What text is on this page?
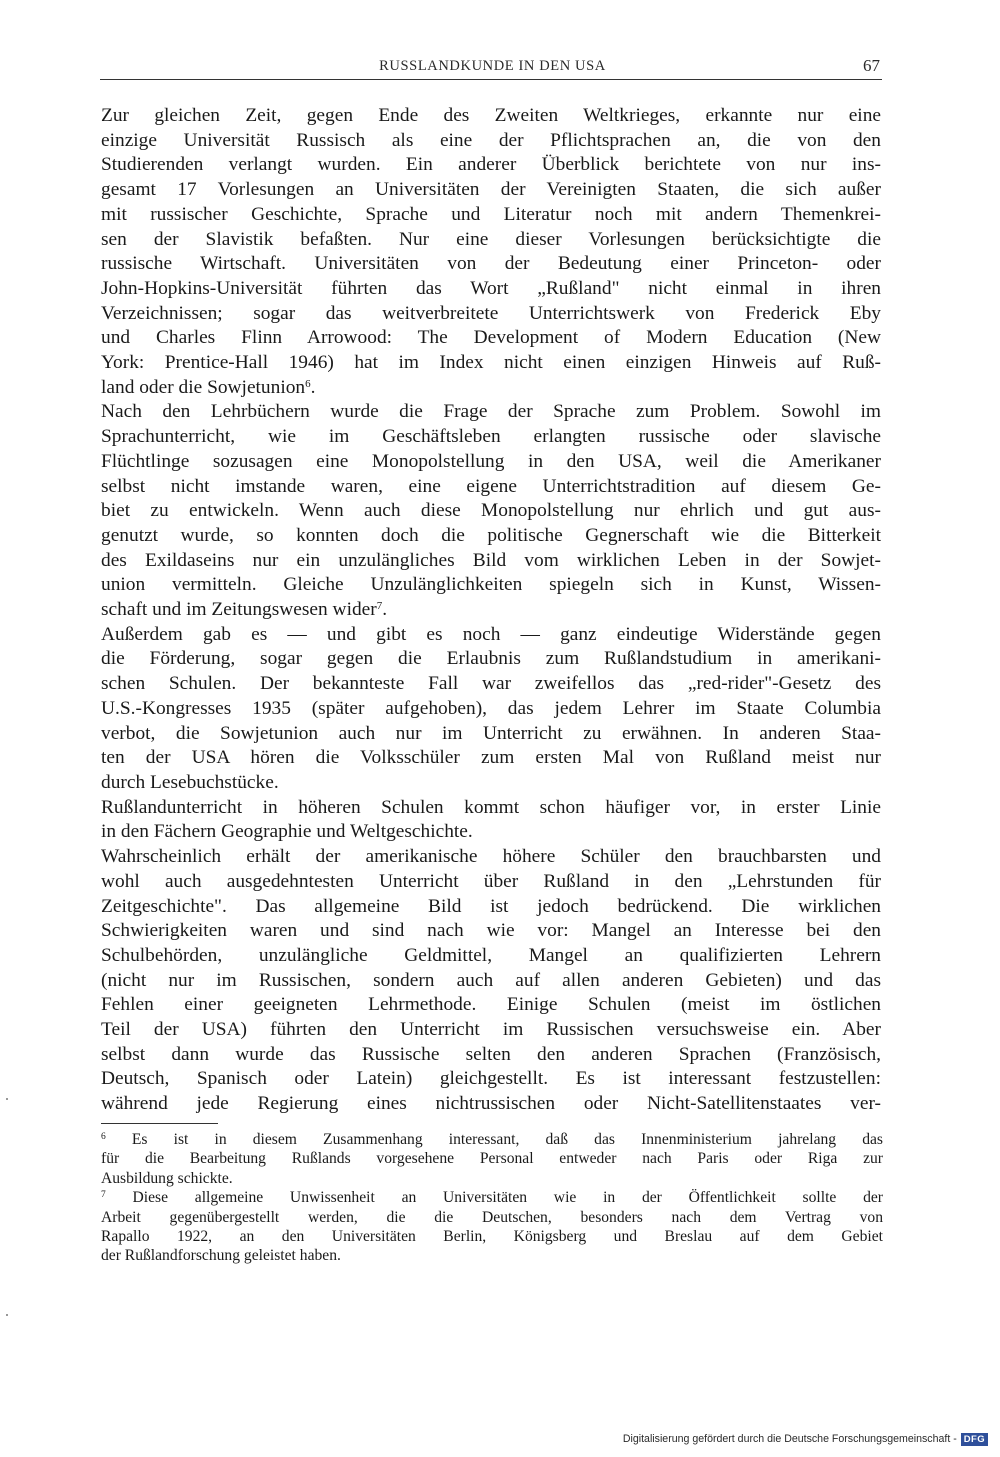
RUSSLANDKUNDE IN DEN USA	67

Zur gleichen Zeit, gegen Ende des Zweiten Weltkrieges, erkannte nur eine
einzige Universität Russisch als eine der Pflichtsprachen an, die von den
Studierenden verlangt wurden. Ein anderer Überblick berichtete von nur ins-
gesamt 17 Vorlesungen an Universitäten der Vereinigten Staaten, die sich außer
mit russischer Geschichte, Sprache und Literatur noch mit andern Themenkrei-
sen der Slavistik befaßten. Nur eine dieser Vorlesungen berücksichtigte die
russische Wirtschaft. Universitäten von der Bedeutung einer Princeton- oder
John-Hopkins-Universität führten das Wort „Rußland" nicht einmal in ihren
Verzeichnissen; sogar das weitverbreitete Unterrichtswerk von Frederick Eby
und Charles Flinn Arrowood: The Development of Modern Education (New
York: Prentice-Hall 1946) hat im Index nicht einen einzigen Hinweis auf Ruß-
land oder die Sowjetunion$^6$.

Nach den Lehrbüchern wurde die Frage der Sprache zum Problem. Sowohl im
Sprachunterricht, wie im Geschäftsleben erlangten russische oder slavische
Flüchtlinge sozusagen eine Monopolstellung in den USA, weil die Amerikaner
selbst nicht imstande waren, eine eigene Unterrichtstradition auf diesem Ge-
biet zu entwickeln. Wenn auch diese Monopolstellung nur ehrlich und gut aus-
genutzt wurde, so konnten doch die politische Gegnerschaft wie die Bitterkeit
des Exildaseins nur ein unzulängliches Bild vom wirklichen Leben in der Sowjet-
union vermitteln. Gleiche Unzulänglichkeiten spiegeln sich in Kunst, Wissen-
schaft und im Zeitungswesen wider$^7$.

Außerdem gab es — und gibt es noch — ganz eindeutige Widerstände gegen
die Förderung, sogar gegen die Erlaubnis zum Rußlandstudium in amerikani-
schen Schulen. Der bekannteste Fall war zweifellos das „red-rider"-Gesetz des
U.S.-Kongresses 1935 (später aufgehoben), das jedem Lehrer im Staate Columbia
verbot, die Sowjetunion auch nur im Unterricht zu erwähnen. In anderen Staa-
ten der USA hören die Volksschüler zum ersten Mal von Rußland meist nur
durch Lesebuchstücke.

Rußlandunterricht in höheren Schulen kommt schon häufiger vor, in erster Linie
in den Fächern Geographie und Weltgeschichte.

Wahrscheinlich erhält der amerikanische höhere Schüler den brauchbarsten und
wohl auch ausgedehntesten Unterricht über Rußland in den „Lehrstunden für
Zeitgeschichte". Das allgemeine Bild ist jedoch bedrückend. Die wirklichen
Schwierigkeiten waren und sind nach wie vor: Mangel an Interesse bei den
Schulbehörden, unzulängliche Geldmittel, Mangel an qualifizierten Lehrern
(nicht nur im Russischen, sondern auch auf allen anderen Gebieten) und das
Fehlen einer geeigneten Lehrmethode. Einige Schulen (meist im östlichen
Teil der USA) führten den Unterricht im Russischen versuchsweise ein. Aber
selbst dann wurde das Russische selten den anderen Sprachen (Französisch,
Deutsch, Spanisch oder Latein) gleichgestellt. Es ist interessant festzustellen:
während jede Regierung eines nichtrussischen oder Nicht-Satellitenstaates ver-

$^6$ Es ist in diesem Zusammenhang interessant, daß das Innenministerium jahrelang das
für die Bearbeitung Rußlands vorgesehene Personal entweder nach Paris oder Riga zur
Ausbildung schickte.
$^7$ Diese allgemeine Unwissenheit an Universitäten wie in der Öffentlichkeit sollte der
Arbeit gegenübergestellt werden, die die Deutschen, besonders nach dem Vertrag von
Rapallo 1922, an den Universitäten Berlin, Königsberg und Breslau auf dem Gebiet
der Rußlandforschung geleistet haben.
Digitalisierung gefördert durch die Deutsche Forschungsgemeinschaft - DFG
